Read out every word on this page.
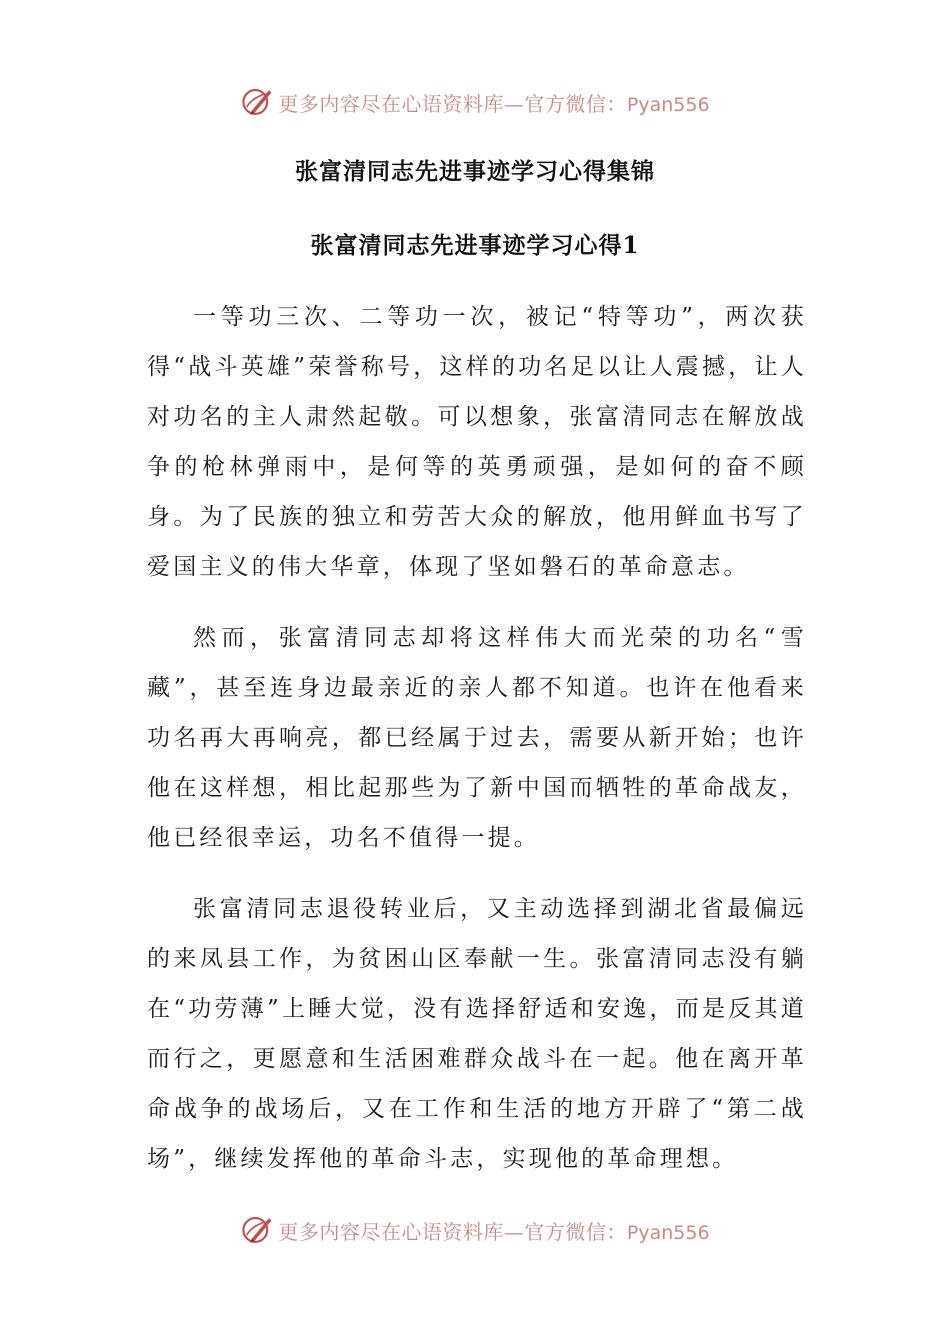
更多内容尽在心语资料库—官方微信：Pyan556
张富清同志先进事迹学习心得集锦
张富清同志先进事迹学习心得1

一等功三次、二等功一次，被记“特等功”，两次获得“战斗英雄”荣誉称号，这样的功名足以让人震撼，让人对功名的主人肃然起敬。可以想象，张富清同志在解放战争的枪林弹雨中，是何等的英勇顽强，是如何的奋不顾身。为了民族的独立和劳苦大众的解放，他用鲜血书写了爱国主义的伟大华章，体现了坚如磐石的革命意志。

然而，张富清同志却将这样伟大而光荣的功名“雪藏”，甚至连身边最亲近的亲人都不知道。也许在他看来功名再大再响亮，都已经属于过去，需要从新开始；也许他在这样想，相比起那些为了新中国而牺牲的革命战友，他已经很幸运，功名不值得一提。

张富清同志退役转业后，又主动选择到湖北省最偏远的来凤县工作，为贫困山区奉献一生。张富清同志没有躺在“功劳薄”上睡大觉，没有选择舒适和安逸，而是反其道而行之，更愿意和生活困难群众战斗在一起。他在离开革命战争的战场后，又在工作和生活的地方开辟了“第二战场”，继续发挥他的革命斗志，实现他的革命理想。

更多内容尽在心语资料库—官方微信：Pyan556
